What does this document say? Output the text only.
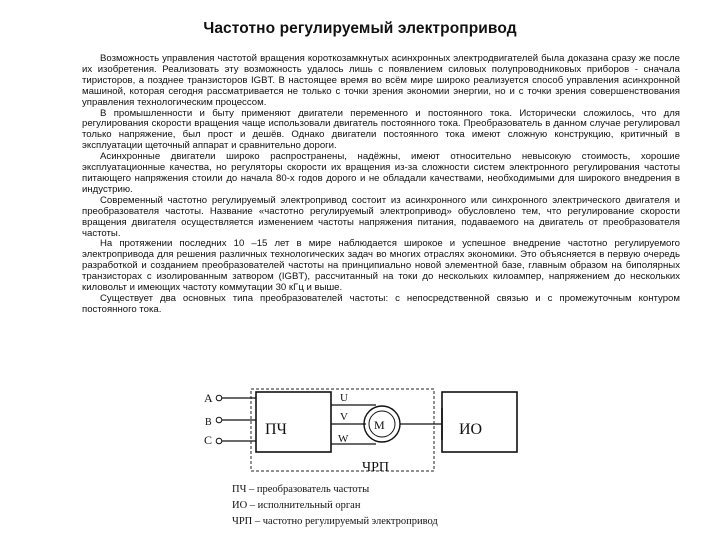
Частотно регулируемый электропривод

Возможность управления частотой вращения короткозамкнутых асинхронных электродвигателей была доказана сразу же после их изобретения. Реализовать эту возможность удалось лишь с появлением силовых полупроводниковых приборов - сначала тиристоров, а позднее транзисторов IGBT. В настоящее время во всём мире широко реализуется способ управления асинхронной машиной, которая сегодня рассматривается не только с точки зрения экономии энергии, но и с точки зрения совершенствования управления технологическим процессом.

В промышленности и быту применяют двигатели переменного и постоянного тока. Исторически сложилось, что для регулирования скорости вращения чаще использовали двигатель постоянного тока. Преобразователь в данном случае регулировал только напряжение, был прост и дешёв. Однако двигатели постоянного тока имеют сложную конструкцию, критичный в эксплуатации щеточный аппарат и сравнительно дороги.

Асинхронные двигатели широко распространены, надёжны, имеют относительно невысокую стоимость, хорошие эксплуатационные качества, но регуляторы скорости их вращения из-за сложности систем электронного регулирования частоты питающего напряжения стоили до начала 80-х годов дорого и не обладали качествами, необходимыми для широкого внедрения в индустрию.

Современный частотно регулируемый электропривод состоит из асинхронного или синхронного электрического двигателя и преобразователя частоты. Название «частотно регулируемый электропривод» обусловлено тем, что регулирование скорости вращения двигателя осуществляется изменением частоты напряжения питания, подаваемого на двигатель от преобразователя частоты.

На протяжении последних 10 –15 лет в мире наблюдается широкое и успешное внедрение частотно регулируемого электропривода для решения различных технологических задач во многих отраслях экономики. Это объясняется в первую очередь разработкой и созданием преобразователей частоты на принципиально новой элементной базе, главным образом на биполярных транзисторах с изолированным затвором (IGBT), рассчитанный на токи до нескольких килоампер, напряжением до нескольких киловольт и имеющих частоту коммутации 30 кГц и выше.

Существует два основных типа преобразователей частоты: с непосредственной связью и с промежуточным контуром постоянного тока.

A
B
C
ПЧ
U
V
W
М	ИО
ЧРП
ПЧ – преобразователь частоты
ИО – исполнительный орган
ЧРП – частотно регулируемый электропривод
